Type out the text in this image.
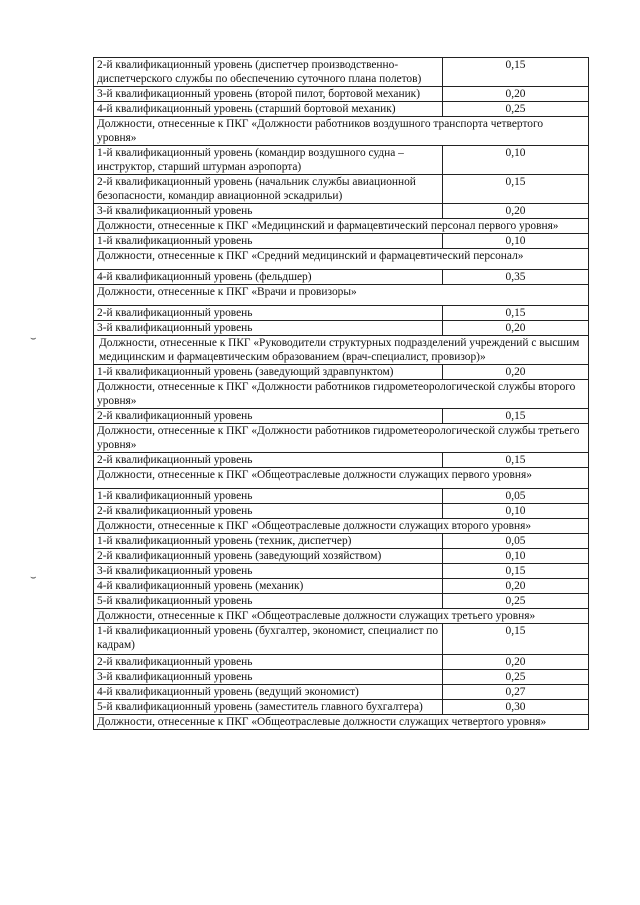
2-й квалификационный уровень (диспетчер производственно-диспетчерского службы по обеспечению суточного плана полетов)	0,15
3-й квалификационный уровень (второй пилот, бортовой механик)	0,20
4-й квалификационный уровень (старший бортовой механик)	0,25
Должности, отнесенные к ПКГ «Должности работников воздушного транспорта четвертого уровня»	
1-й квалификационный уровень (командир воздушного судна – инструктор, старший штурман аэропорта)	0,10
2-й квалификационный уровень (начальник службы авиационной безопасности, командир авиационной эскадрильи)	0,15
3-й квалификационный уровень	0,20
Должности, отнесенные к ПКГ «Медицинский и фармацевтический персонал первого уровня»	
1-й квалификационный уровень	0,10
Должности, отнесенные к ПКГ «Средний медицинский и фармацевтический персонал»	
4-й квалификационный уровень (фельдшер)	0,35
Должности, отнесенные к ПКГ «Врачи и провизоры»	
2-й квалификационный уровень	0,15
3-й квалификационный уровень	0,20
Должности, отнесенные к ПКГ «Руководители структурных подразделений учреждений с высшим медицинским и фармацевтическим образованием (врач-специалист, провизор)»	
1-й квалификационный уровень (заведующий здравпунктом)	0,20
Должности, отнесенные к ПКГ «Должности работников гидрометеорологической службы второго уровня»	
2-й квалификационный уровень	0,15
Должности, отнесенные к ПКГ «Должности работников гидрометеорологической службы третьего уровня»	
2-й квалификационный уровень	0,15
Должности, отнесенные к ПКГ «Общеотраслевые должности служащих первого уровня»	
1-й квалификационный уровень	0,05
2-й квалификационный уровень	0,10
Должности, отнесенные к ПКГ «Общеотраслевые должности служащих второго уровня»	
1-й квалификационный уровень (техник, диспетчер)	0,05
2-й квалификационный уровень (заведующий хозяйством)	0,10
3-й квалификационный уровень	0,15
4-й квалификационный уровень (механик)	0,20
5-й квалификационный уровень	0,25
Должности, отнесенные к ПКГ «Общеотраслевые должности служащих третьего уровня»	
1-й квалификационный уровень (бухгалтер, экономист, специалист по кадрам)	0,15
2-й квалификационный уровень	0,20
3-й квалификационный уровень	0,25
4-й квалификационный уровень (ведущий экономист)	0,27
5-й квалификационный уровень (заместитель главного бухгалтера)	0,30
Должности, отнесенные к ПКГ «Общеотраслевые должности служащих четвертого уровня»	
⌣
⌣
